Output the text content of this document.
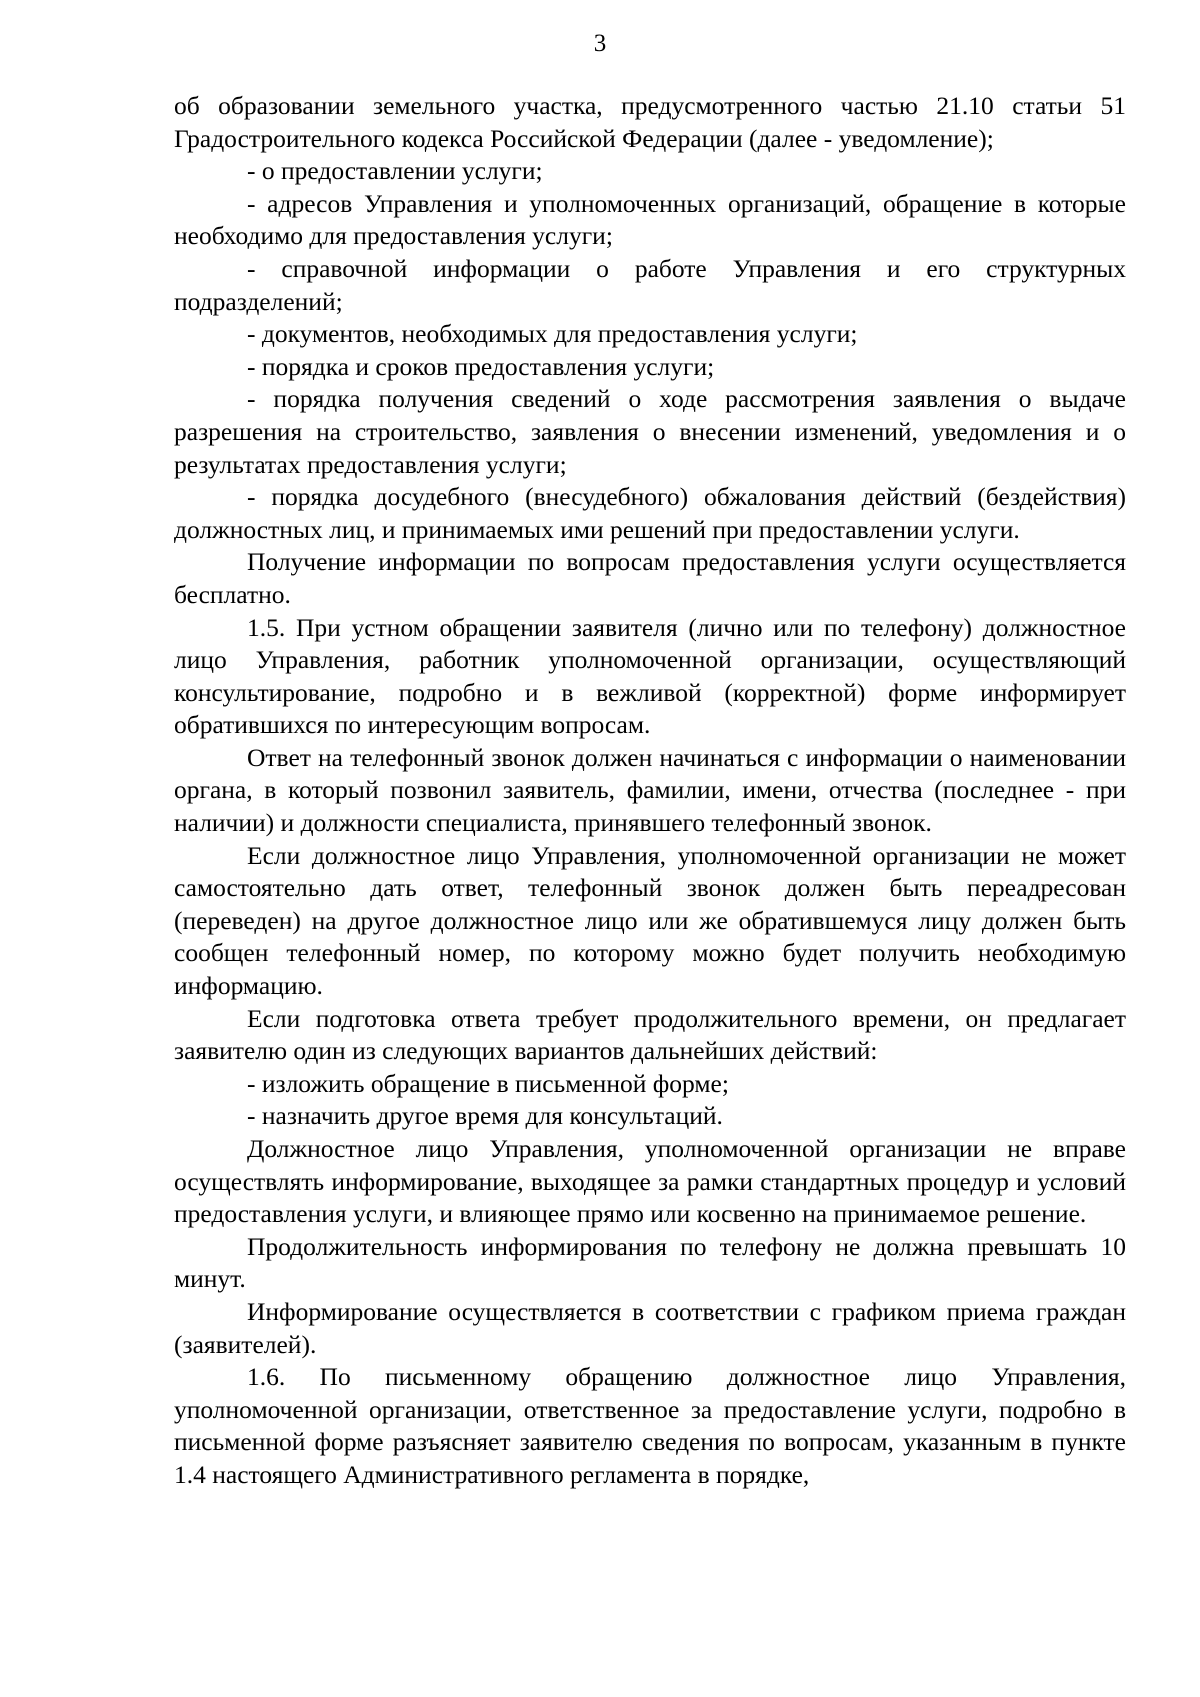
3

об образовании земельного участка, предусмотренного частью 21.10 статьи 51 Градостроительного кодекса Российской Федерации (далее - уведомление);

- о предоставлении услуги;

- адресов Управления и уполномоченных организаций, обращение в которые необходимо для предоставления услуги;

- справочной информации о работе Управления и его структурных подразделений;

- документов, необходимых для предоставления услуги;

- порядка и сроков предоставления услуги;

- порядка получения сведений о ходе рассмотрения заявления о выдаче разрешения на строительство, заявления о внесении изменений, уведомления и о результатах предоставления услуги;

- порядка досудебного (внесудебного) обжалования действий (бездействия) должностных лиц, и принимаемых ими решений при предоставлении услуги.

Получение информации по вопросам предоставления услуги осуществляется бесплатно.

1.5. При устном обращении заявителя (лично или по телефону) должностное лицо Управления, работник уполномоченной организации, осуществляющий консультирование, подробно и в вежливой (корректной) форме информирует обратившихся по интересующим вопросам.

Ответ на телефонный звонок должен начинаться с информации о наименовании органа, в который позвонил заявитель, фамилии, имени, отчества (последнее - при наличии) и должности специалиста, принявшего телефонный звонок.

Если должностное лицо Управления, уполномоченной организации не может самостоятельно дать ответ, телефонный звонок должен быть переадресован (переведен) на другое должностное лицо или же обратившемуся лицу должен быть сообщен телефонный номер, по которому можно будет получить необходимую информацию.

Если подготовка ответа требует продолжительного времени, он предлагает заявителю один из следующих вариантов дальнейших действий:

- изложить обращение в письменной форме;

- назначить другое время для консультаций.

Должностное лицо Управления, уполномоченной организации не вправе осуществлять информирование, выходящее за рамки стандартных процедур и условий предоставления услуги, и влияющее прямо или косвенно на принимаемое решение.

Продолжительность информирования по телефону не должна превышать 10 минут.

Информирование осуществляется в соответствии с графиком приема граждан (заявителей).

1.6. По письменному обращению должностное лицо Управления, уполномоченной организации, ответственное за предоставление услуги, подробно в письменной форме разъясняет заявителю сведения по вопросам, указанным в пункте 1.4 настоящего Административного регламента в порядке,
